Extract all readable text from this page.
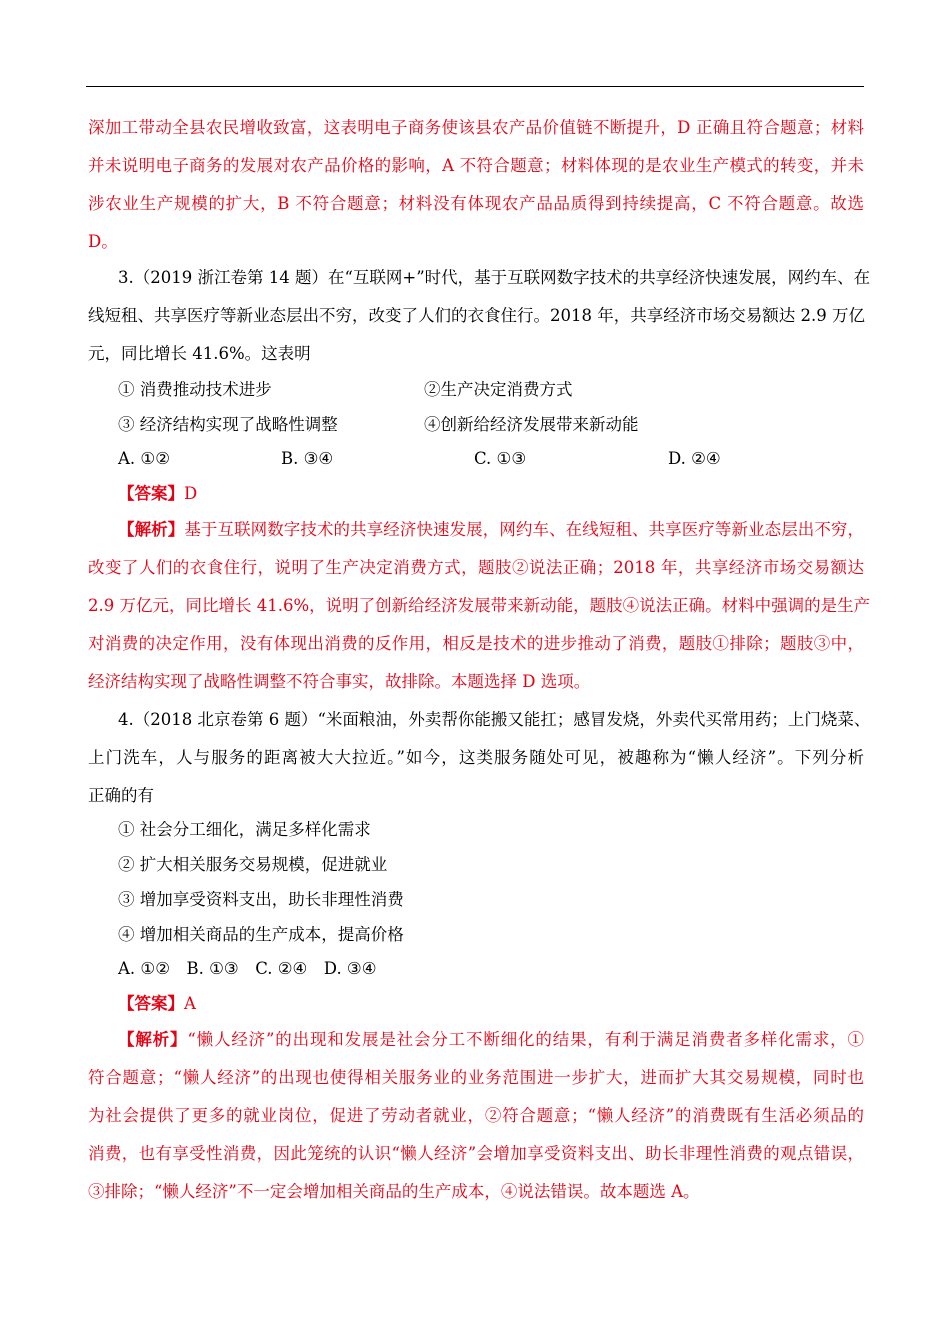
深加工带动全县农民增收致富，这表明电子商务使该县农产品价值链不断提升，D 正确且符合题意；材料
并未说明电子商务的发展对农产品价格的影响，A 不符合题意；材料体现的是农业生产模式的转变，并未
涉农业生产规模的扩大，B 不符合题意；材料没有体现农产品品质得到持续提高，C 不符合题意。故选
D。
3.（2019 浙江卷第 14 题）在“互联网+”时代，基于互联网数字技术的共享经济快速发展，网约车、在
线短租、共享医疗等新业态层出不穷，改变了人们的衣食住行。2018 年，共享经济市场交易额达 2.9 万亿
元，同比增长 41.6%。这表明
① 消费推动技术进步	②生产决定消费方式
③ 经济结构实现了战略性调整	④创新给经济发展带来新动能
A. ①②	B. ③④	C. ①③	D. ②④
【答案】D
【解析】基于互联网数字技术的共享经济快速发展，网约车、在线短租、共享医疗等新业态层出不穷，
改变了人们的衣食住行，说明了生产决定消费方式，题肢②说法正确；2018 年，共享经济市场交易额达
2.9 万亿元，同比增长 41.6%，说明了创新给经济发展带来新动能，题肢④说法正确。材料中强调的是生产
对消费的决定作用，没有体现出消费的反作用，相反是技术的进步推动了消费，题肢①排除；题肢③中，
经济结构实现了战略性调整不符合事实，故排除。本题选择 D 选项。
4.（2018 北京卷第 6 题）“米面粮油，外卖帮你能搬又能扛；感冒发烧，外卖代买常用药；上门烧菜、
上门洗车，人与服务的距离被大大拉近。”如今，这类服务随处可见，被趣称为“懒人经济”。下列分析
正确的有
① 社会分工细化，满足多样化需求
② 扩大相关服务交易规模，促进就业
③ 增加享受资料支出，助长非理性消费
④ 增加相关商品的生产成本，提高价格
A. ①②　B. ①③　C. ②④　D. ③④
【答案】A
【解析】“懒人经济”的出现和发展是社会分工不断细化的结果，有利于满足消费者多样化需求，①
符合题意；“懒人经济”的出现也使得相关服务业的业务范围进一步扩大，进而扩大其交易规模，同时也
为社会提供了更多的就业岗位，促进了劳动者就业，②符合题意；“懒人经济”的消费既有生活必须品的
消费，也有享受性消费，因此笼统的认识“懒人经济”会增加享受资料支出、助长非理性消费的观点错误，
③排除；“懒人经济”不一定会增加相关商品的生产成本，④说法错误。故本题选 A。
